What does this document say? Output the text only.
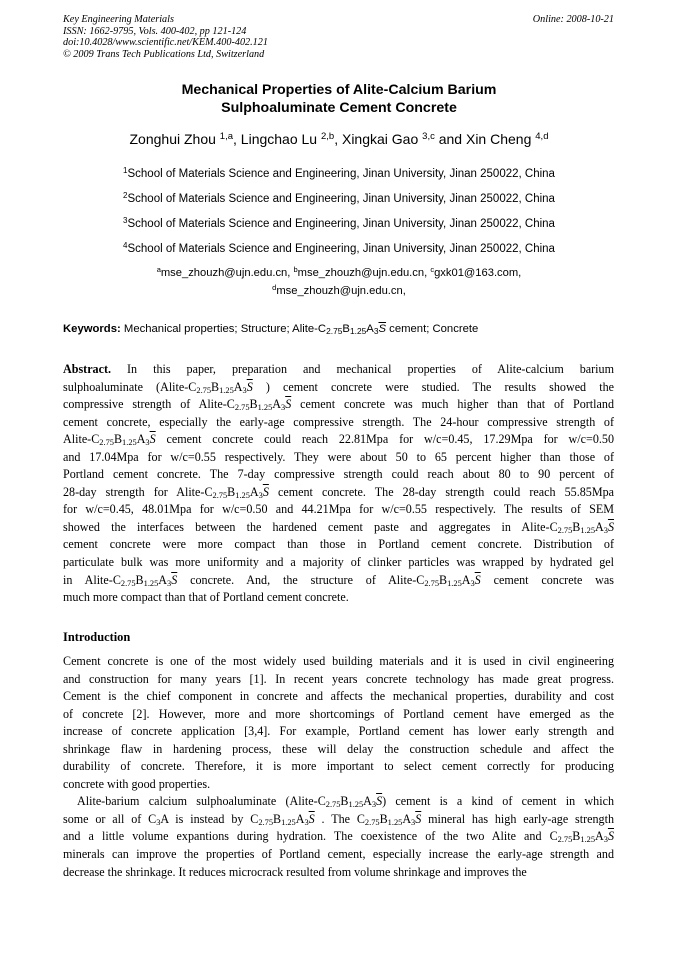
Key Engineering Materials
ISSN: 1662-9795, Vols. 400-402, pp 121-124
doi:10.4028/www.scientific.net/KEM.400-402.121
© 2009 Trans Tech Publications Ltd, Switzerland
Online: 2008-10-21
Mechanical Properties of Alite-Calcium Barium
Sulphoaluminate Cement Concrete
Zonghui Zhou $^{1,a}$, Lingchao Lu $^{2,b}$, Xingkai Gao $^{3,c}$ and Xin Cheng $^{4,d}$
$^1$School of Materials Science and Engineering, Jinan University, Jinan 250022, China
$^2$School of Materials Science and Engineering, Jinan University, Jinan 250022, China
$^3$School of Materials Science and Engineering, Jinan University, Jinan 250022, China
$^4$School of Materials Science and Engineering, Jinan University, Jinan 250022, China
$^a$mse_zhouzh@ujn.edu.cn, $^b$mse_zhouzh@ujn.edu.cn, $^c$gxk01@163.com,
$^d$mse_zhouzh@ujn.edu.cn,
Keywords: Mechanical properties; Structure; Alite-$C_{2.75}B_{1.25}A_3\overline{S}$ cement; Concrete
Abstract. In this paper, preparation and mechanical properties of Alite-calcium barium
sulphoaluminate ($Alite-C_{2.75}B_{1.25}A_3\overline{S}$ ) cement concrete were studied. The results showed the
compressive strength of Alite-$C_{2.75}B_{1.25}A_3\overline{S}$ cement concrete was much higher than that of Portland
cement concrete, especially the early-age compressive strength. The 24-hour compressive strength of
Alite-$C_{2.75}B_{1.25}A_3\overline{S}$ cement concrete could reach 22.81Mpa for w/c=0.45, 17.29Mpa for w/c=0.50
and 17.04Mpa for w/c=0.55 respectively. They were about 50 to 65 percent higher than those of
Portland cement concrete. The 7-day compressive strength could reach about 80 to 90 percent of
28-day strength for Alite-$C_{2.75}B_{1.25}A_3\overline{S}$ cement concrete. The 28-day strength could reach 55.85Mpa
for w/c=0.45, 48.01Mpa for w/c=0.50 and 44.21Mpa for w/c=0.55 respectively. The results of SEM
showed the interfaces between the hardened cement paste and aggregates in Alite-$C_{2.75}B_{1.25}A_3\overline{S}$
cement concrete were more compact than those in Portland cement concrete. Distribution of
particulate bulk was more uniformity and a majority of clinker particles was wrapped by hydrated gel
in Alite-$C_{2.75}B_{1.25}A_3\overline{S}$ concrete. And, the structure of Alite-$C_{2.75}B_{1.25}A_3\overline{S}$ cement concrete was
much more compact than that of Portland cement concrete.
Introduction
Cement concrete is one of the most widely used building materials and it is used in civil engineering
and construction for many years [1]. In recent years concrete technology has made great progress.
Cement is the chief component in concrete and affects the mechanical properties, durability and cost
of concrete [2]. However, more and more shortcomings of Portland cement have emerged as the
increase of concrete application [3,4]. For example, Portland cement has lower early strength and
shrinkage flaw in hardening process, these will delay the construction schedule and affect the
durability of concrete. Therefore, it is more important to select cement correctly for producing
concrete with good properties.
Alite-barium calcium sulphoaluminate $(Alite-C_{2.75}B_{1.25}A_3\overline{S})$ cement is a kind of cement in which
some or all of $C_3A$ is instead by $C_{2.75}B_{1.25}A_3\overline{S}$ . The $C_{2.75}B_{1.25}A_3\overline{S}$ mineral has high early-age strength
and a little volume expantions during hydration. The coexistence of the two Alite and $C_{2.75}B_{1.25}A_3\overline{S}$
minerals can improve the properties of Portland cement, especially increase the early-age strength and
decrease the shrinkage. It reduces microcrack resulted from volume shrinkage and improves the
